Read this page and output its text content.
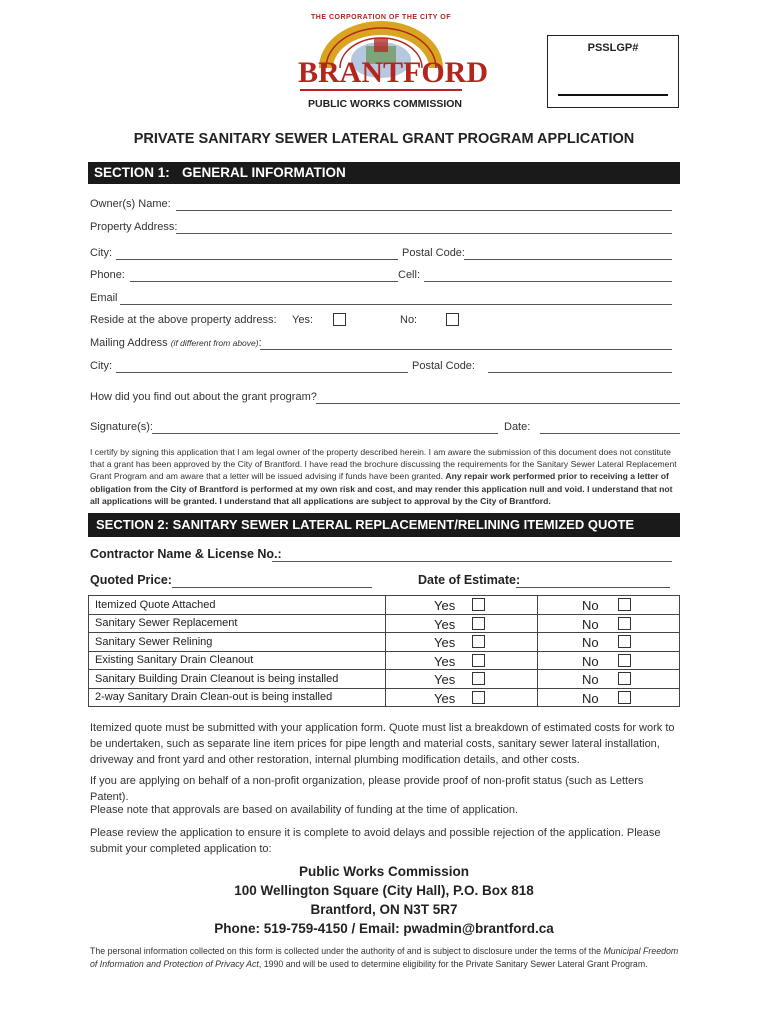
THE CORPORATION OF THE CITY OF
BRANTFORD
PSSLGP#
PUBLIC WORKS COMMISSION
PRIVATE SANITARY SEWER LATERAL GRANT PROGRAM APPLICATION
SECTION 1: GENERAL INFORMATION
Owner(s) Name:
Property Address:
City:	Postal Code:
Phone:	Cell:
Email
Reside at the above property address: Yes:	No:
Mailing Address (if different from above):
City:	Postal Code:
How did you find out about the grant program?
Signature(s):	Date:
I certify by signing this application that I am legal owner of the property described herein. I am aware the submission of this document does not constitute that a grant has been approved by the City of Brantford. I have read the brochure discussing the requirements for the Sanitary Sewer Lateral Replacement Grant Program and am aware that a letter will be issued advising if funds have been granted. Any repair work performed prior to receiving a letter of obligation from the City of Brantford is performed at my own risk and cost, and may render this application null and void. I understand that not all applications will be granted. I understand that all applications are subject to approval by the City of Brantford.
SECTION 2: SANITARY SEWER LATERAL REPLACEMENT/RELINING ITEMIZED QUOTE
Contractor Name & License No.:
Quoted Price:	Date of Estimate:
Itemized Quote Attached	Yes	No

Sanitary Sewer Replacement	Yes	No

Sanitary Sewer Relining	Yes	No

Existing Sanitary Drain Cleanout	Yes	No

Sanitary Building Drain Cleanout is being installed	Yes	No

2-way Sanitary Drain Clean-out is being installed	Yes	No
Itemized quote must be submitted with your application form. Quote must list a breakdown of estimated costs for work to be undertaken, such as separate line item prices for pipe length and material costs, sanitary sewer lateral installation, driveway and front yard and other restoration, internal plumbing modification details, and other costs.
If you are applying on behalf of a non-profit organization, please provide proof of non-profit status (such as Letters Patent).
Please note that approvals are based on availability of funding at the time of application.
Please review the application to ensure it is complete to avoid delays and possible rejection of the application. Please submit your completed application to:
Public Works Commission
100 Wellington Square (City Hall), P.O. Box 818
Brantford, ON N3T 5R7
Phone: 519-759-4150 / Email: pwadmin@brantford.ca
The personal information collected on this form is collected under the authority of and is subject to disclosure under the terms of the Municipal Freedom of Information and Protection of Privacy Act, 1990 and will be used to determine eligibility for the Private Sanitary Sewer Lateral Grant Program.
